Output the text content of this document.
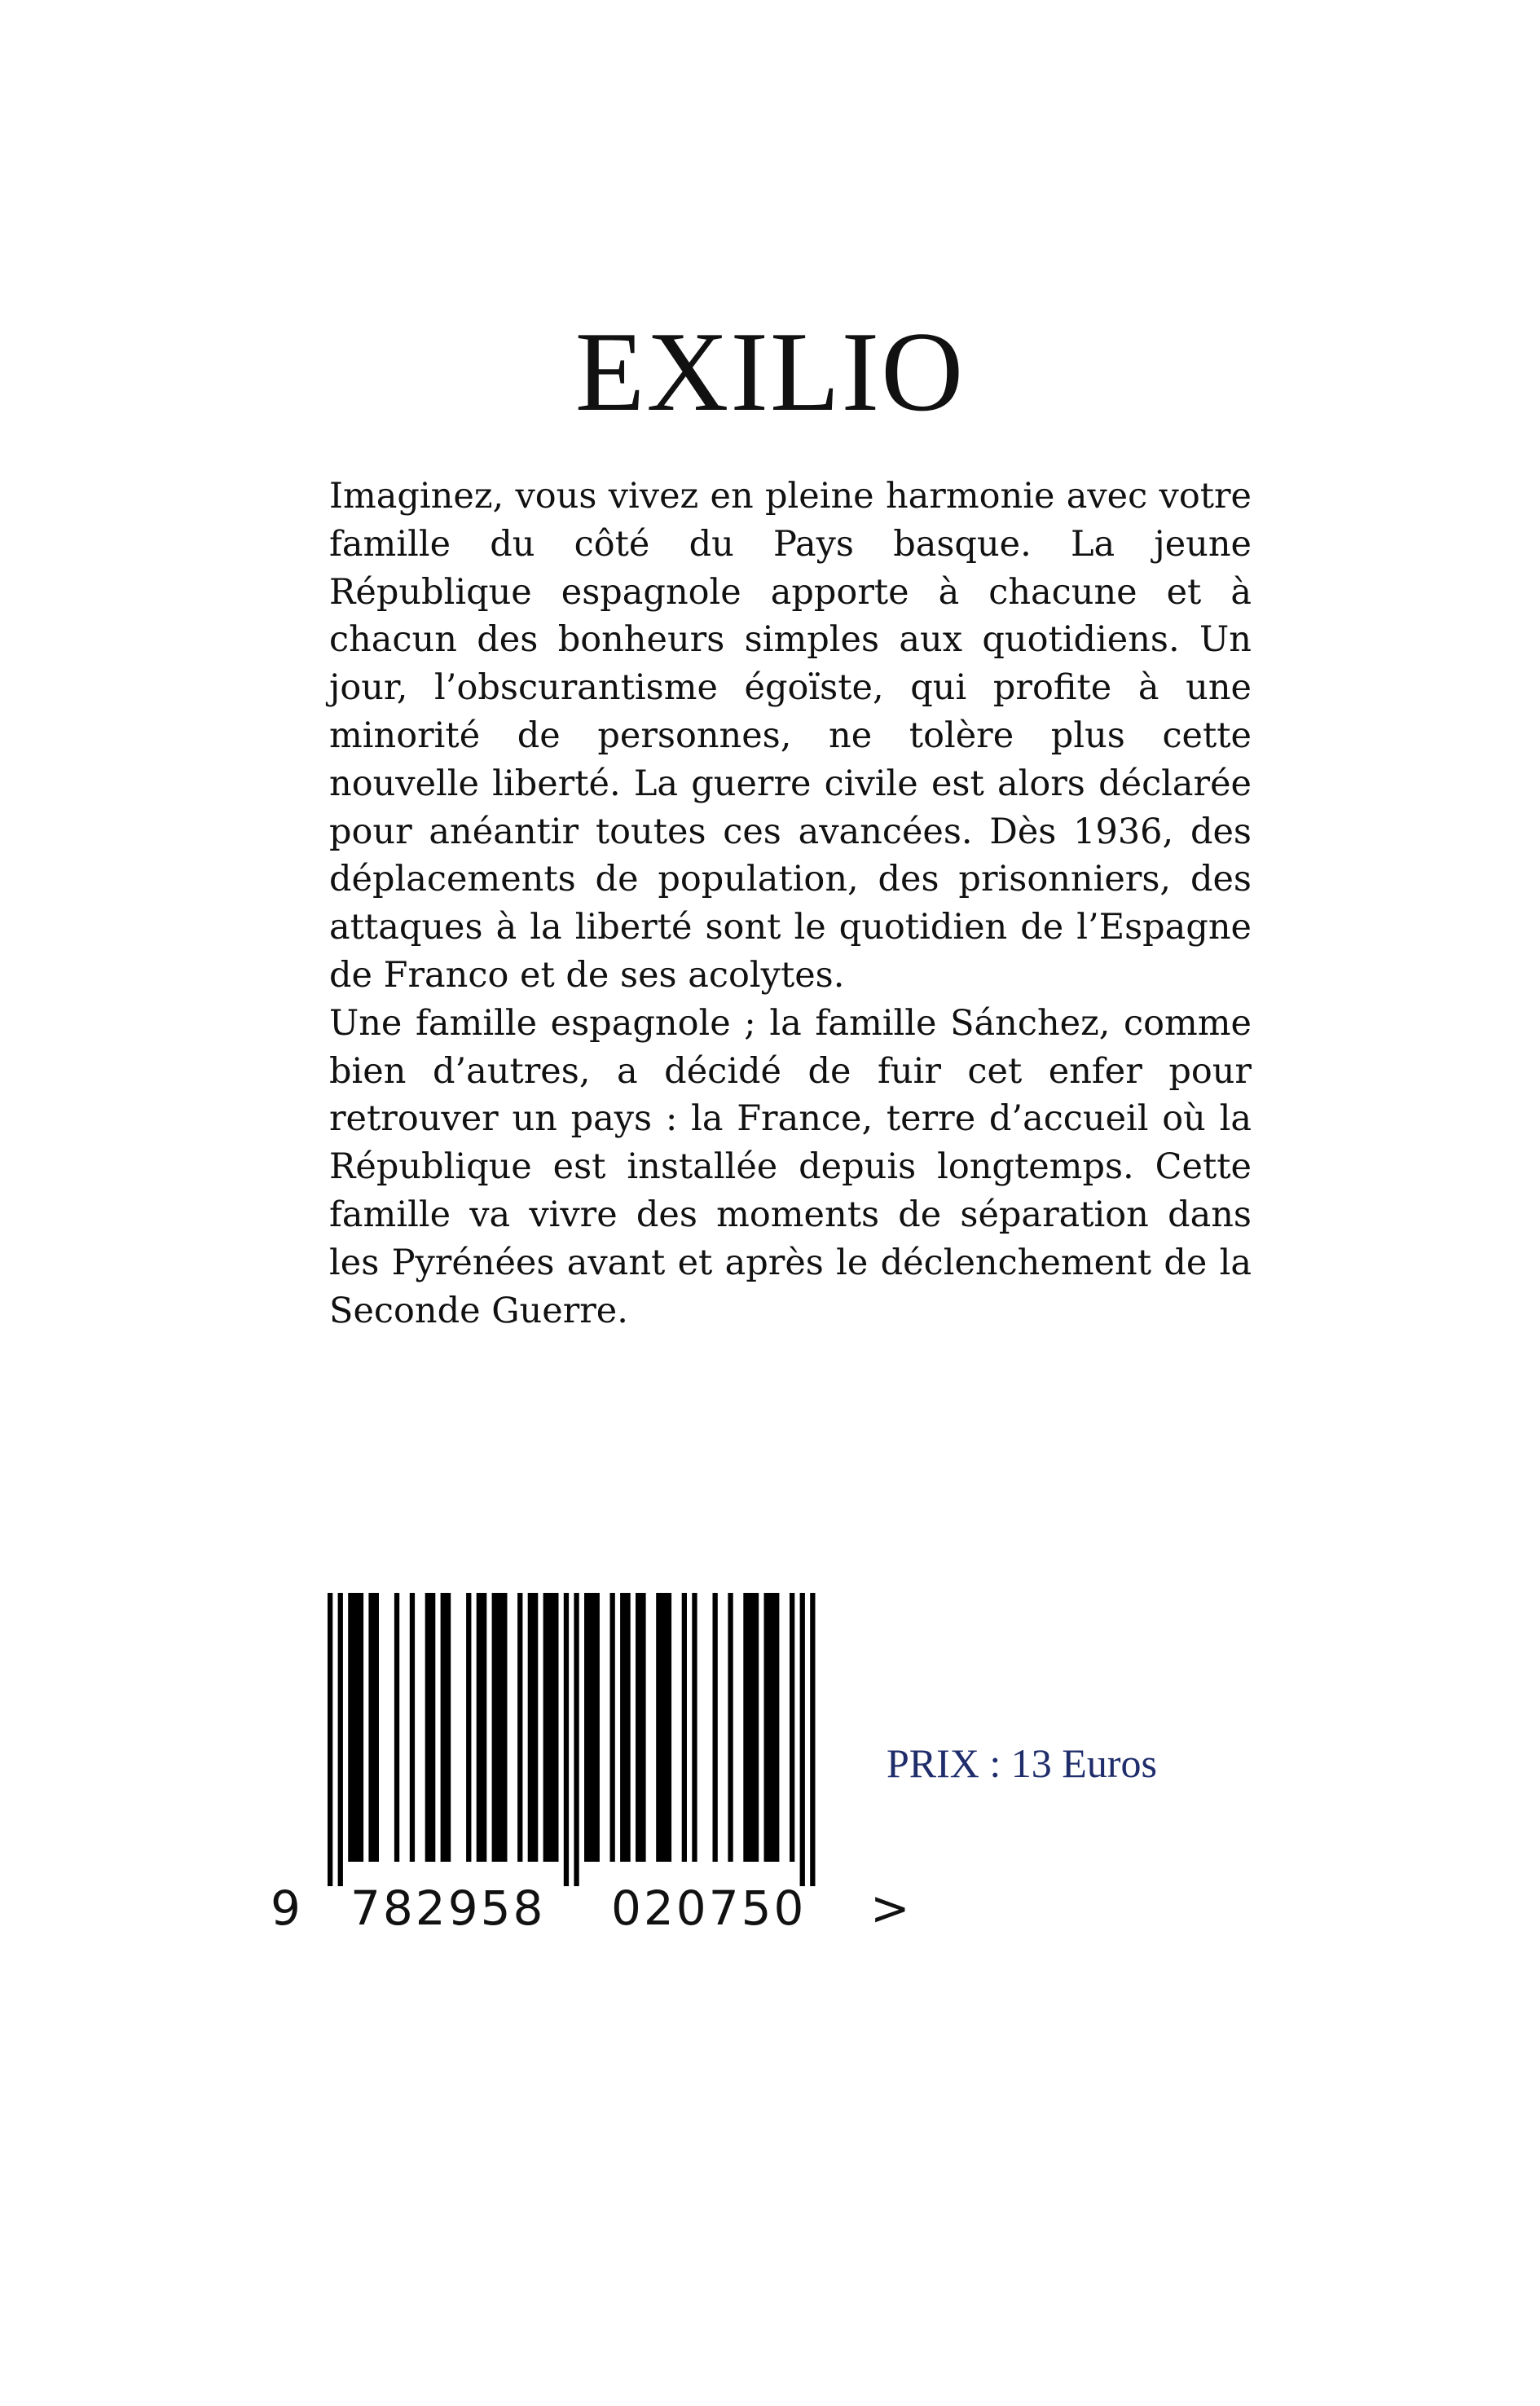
EXILIO

Imaginez, vous vivez en pleine harmonie avec votre famille du côté du Pays basque. La jeune République espagnole apporte à chacune et à chacun des bonheurs simples aux quotidiens. Un jour, l’obscurantisme égoïste, qui profite à une minorité de personnes, ne tolère plus cette nouvelle liberté. La guerre civile est alors déclarée pour anéantir toutes ces avancées. Dès 1936, des déplacements de population, des prisonniers, des attaques à la liberté sont le quotidien de l’Espagne de Franco et de ses acolytes.

Une famille espagnole ; la famille Sánchez, comme bien d’autres, a décidé de fuir cet enfer pour retrouver un pays : la France, terre d’accueil où la République est installée depuis longtemps. Cette famille va vivre des moments de séparation dans les Pyrénées avant et après le déclenchement de la Seconde Guerre.

9 782958 020750 >
PRIX : 13 Euros
